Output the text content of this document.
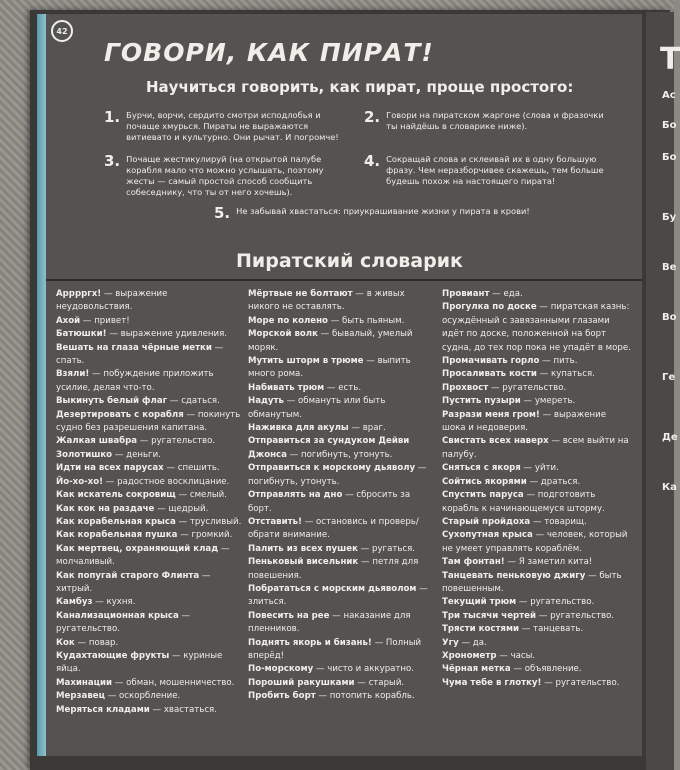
42
ГОВОРИ, КАК ПИРАТ!
Научиться говорить, как пират, проще простого:
1. Бурчи, ворчи, сердито смотри исподлобья и почаще хмурься. Пираты не выражаются витиевато и культурно. Они рычат. И погромче!
2. Говори на пиратском жаргоне (слова и фразочки ты найдёшь в словарике ниже).
3. Почаще жестикулируй (на открытой палубе корабля мало что можно услышать, поэтому жесты — самый простой способ сообщить собеседнику, что ты от него хочешь).
4. Сокращай слова и склеивай их в одну большую фразу. Чем неразборчивее скажешь, тем больше будешь похож на настоящего пирата!
5. Не забывай хвастаться: приукрашивание жизни у пирата в крови!
Пиратский словарик

Арррргх! — выражение неудовольствия.

Ахой — привет!

Батюшки! — выражение удивления.

Вешать на глаза чёрные метки — спать.

Взяли! — побуждение приложить усилие, делая что-то.

Выкинуть белый флаг — сдаться.

Дезертировать с корабля — покинуть судно без разрешения капитана.

Жалкая швабра — ругательство.

Золотишко — деньги.

Идти на всех парусах — спешить.

Йо-хо-хо! — радостное восклицание.

Как искатель сокровищ — смелый.

Как кок на раздаче — щедрый.

Как корабельная крыса — трусливый.

Как корабельная пушка — громкий.

Как мертвец, охраняющий клад — молчаливый.

Как попугай старого Флинта — хитрый.

Камбуз — кухня.

Канализационная крыса — ругательство.

Кок — повар.

Кудахтающие фрукты — куриные яйца.

Махинации — обман, мошенничество.

Мерзавец — оскорбление.

Меряться кладами — хвастаться.

Мёртвые не болтают — в живых никого не оставлять.

Море по колено — быть пьяным.

Морской волк — бывалый, умелый моряк.

Мутить шторм в трюме — выпить много рома.

Набивать трюм — есть.

Надуть — обмануть или быть обманутым.

Наживка для акулы — враг.

Отправиться за сундуком Дейви Джонса — погибнуть, утонуть.

Отправиться к морскому дьяволу — погибнуть, утонуть.

Отправлять на дно — сбросить за борт.

Отставить! — остановись и проверь/обрати внимание.

Палить из всех пушек — ругаться.

Пеньковый висельник — петля для повешения.

Побрататься с морским дьяволом — злиться.

Повесить на рее — наказание для пленников.

Поднять якорь и бизань! — Полный вперёд!

По-морскому — чисто и аккуратно.

Пороший ракушками — старый.

Пробить борт — потопить корабль.

Провиант — еда.

Прогулка по доске — пиратская казнь: осуждённый с завязанными глазами идёт по доске, положенной на борт судна, до тех пор пока не упадёт в море.

Промачивать горло — пить.

Просаливать кости — купаться.

Прохвост — ругательство.

Пустить пузыри — умереть.

Разрази меня гром! — выражение шока и недоверия.

Свистать всех наверх — всем выйти на палубу.

Сняться с якоря — уйти.

Сойтись якорями — драться.

Спустить паруса — подготовить корабль к начинающемуся шторму.

Старый пройдоха — товарищ.

Сухопутная крыса — человек, который не умеет управлять кораблём.

Там фонтан! — Я заметил кита!

Танцевать пеньковую джигу — быть повешенным.

Текущий трюм — ругательство.

Три тысячи чертей — ругательство.

Трясти костями — танцевать.

Угу — да.

Хронометр — часы.

Чёрная метка — объявление.

Чума тебе в глотку! — ругательство.

Т
Ас
Бо
Бо
Бу
Ве
Во
Ге
Де
Ка
